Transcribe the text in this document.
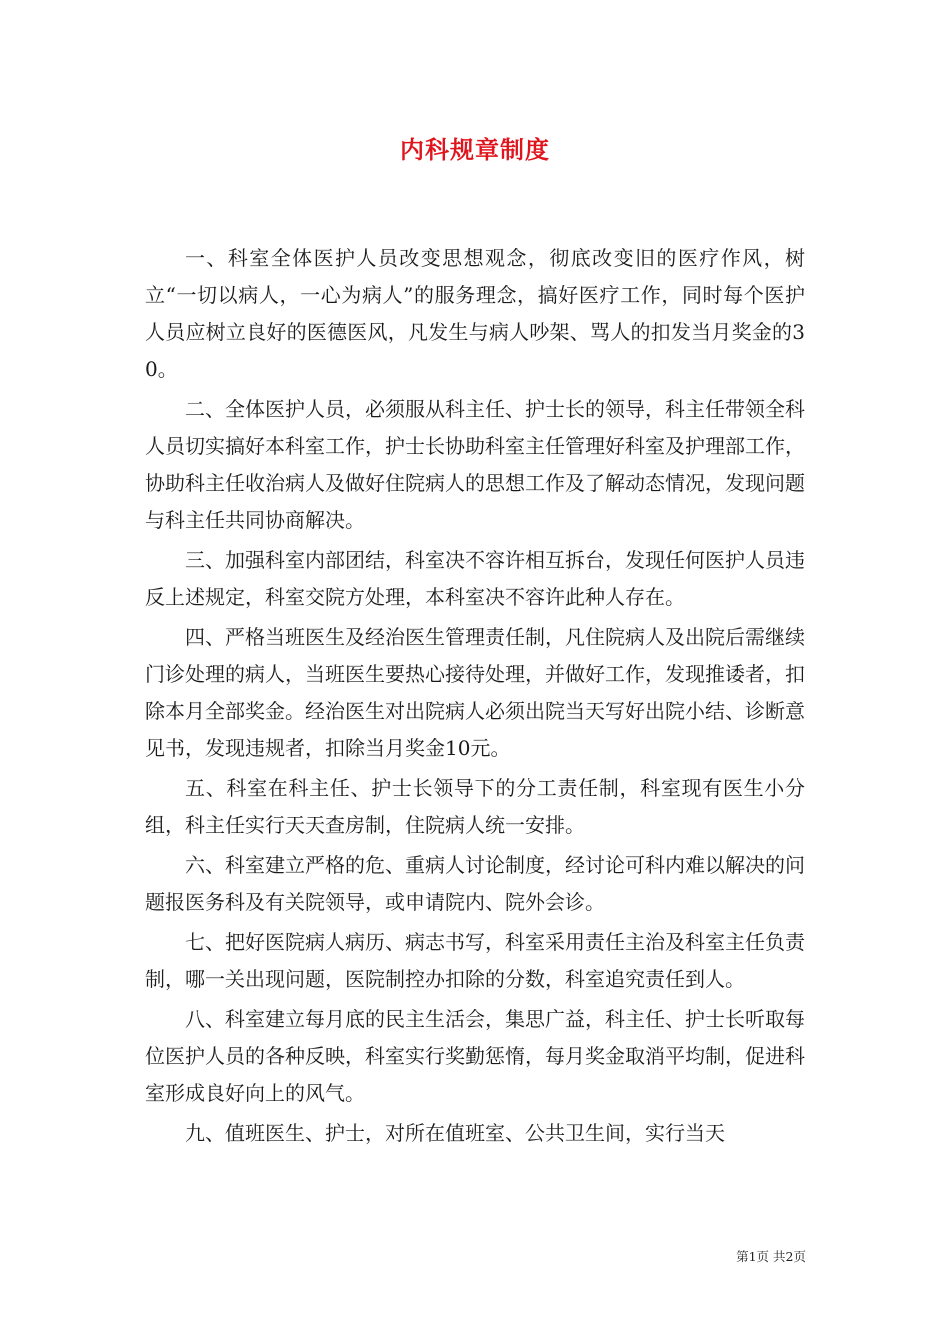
内科规章制度

一、科室全体医护人员改变思想观念，彻底改变旧的医疗作风，树立“一切以病人，一心为病人”的服务理念，搞好医疗工作，同时每个医护人员应树立良好的医德医风，凡发生与病人吵架、骂人的扣发当月奖金的30。

二、全体医护人员，必须服从科主任、护士长的领导，科主任带领全科人员切实搞好本科室工作，护士长协助科室主任管理好科室及护理部工作，协助科主任收治病人及做好住院病人的思想工作及了解动态情况，发现问题与科主任共同协商解决。

三、加强科室内部团结，科室决不容许相互拆台，发现任何医护人员违反上述规定，科室交院方处理，本科室决不容许此种人存在。

四、严格当班医生及经治医生管理责任制，凡住院病人及出院后需继续门诊处理的病人，当班医生要热心接待处理，并做好工作，发现推诿者，扣除本月全部奖金。经治医生对出院病人必须出院当天写好出院小结、诊断意见书，发现违规者，扣除当月奖金10元。

五、科室在科主任、护士长领导下的分工责任制，科室现有医生小分组，科主任实行天天查房制，住院病人统一安排。

六、科室建立严格的危、重病人讨论制度，经讨论可科内难以解决的问题报医务科及有关院领导，或申请院内、院外会诊。

七、把好医院病人病历、病志书写，科室采用责任主治及科室主任负责制，哪一关出现问题，医院制控办扣除的分数，科室追究责任到人。

八、科室建立每月底的民主生活会，集思广益，科主任、护士长听取每位医护人员的各种反映，科室实行奖勤惩惰，每月奖金取消平均制，促进科室形成良好向上的风气。

九、值班医生、护士，对所在值班室、公共卫生间，实行当天

第1页 共2页
